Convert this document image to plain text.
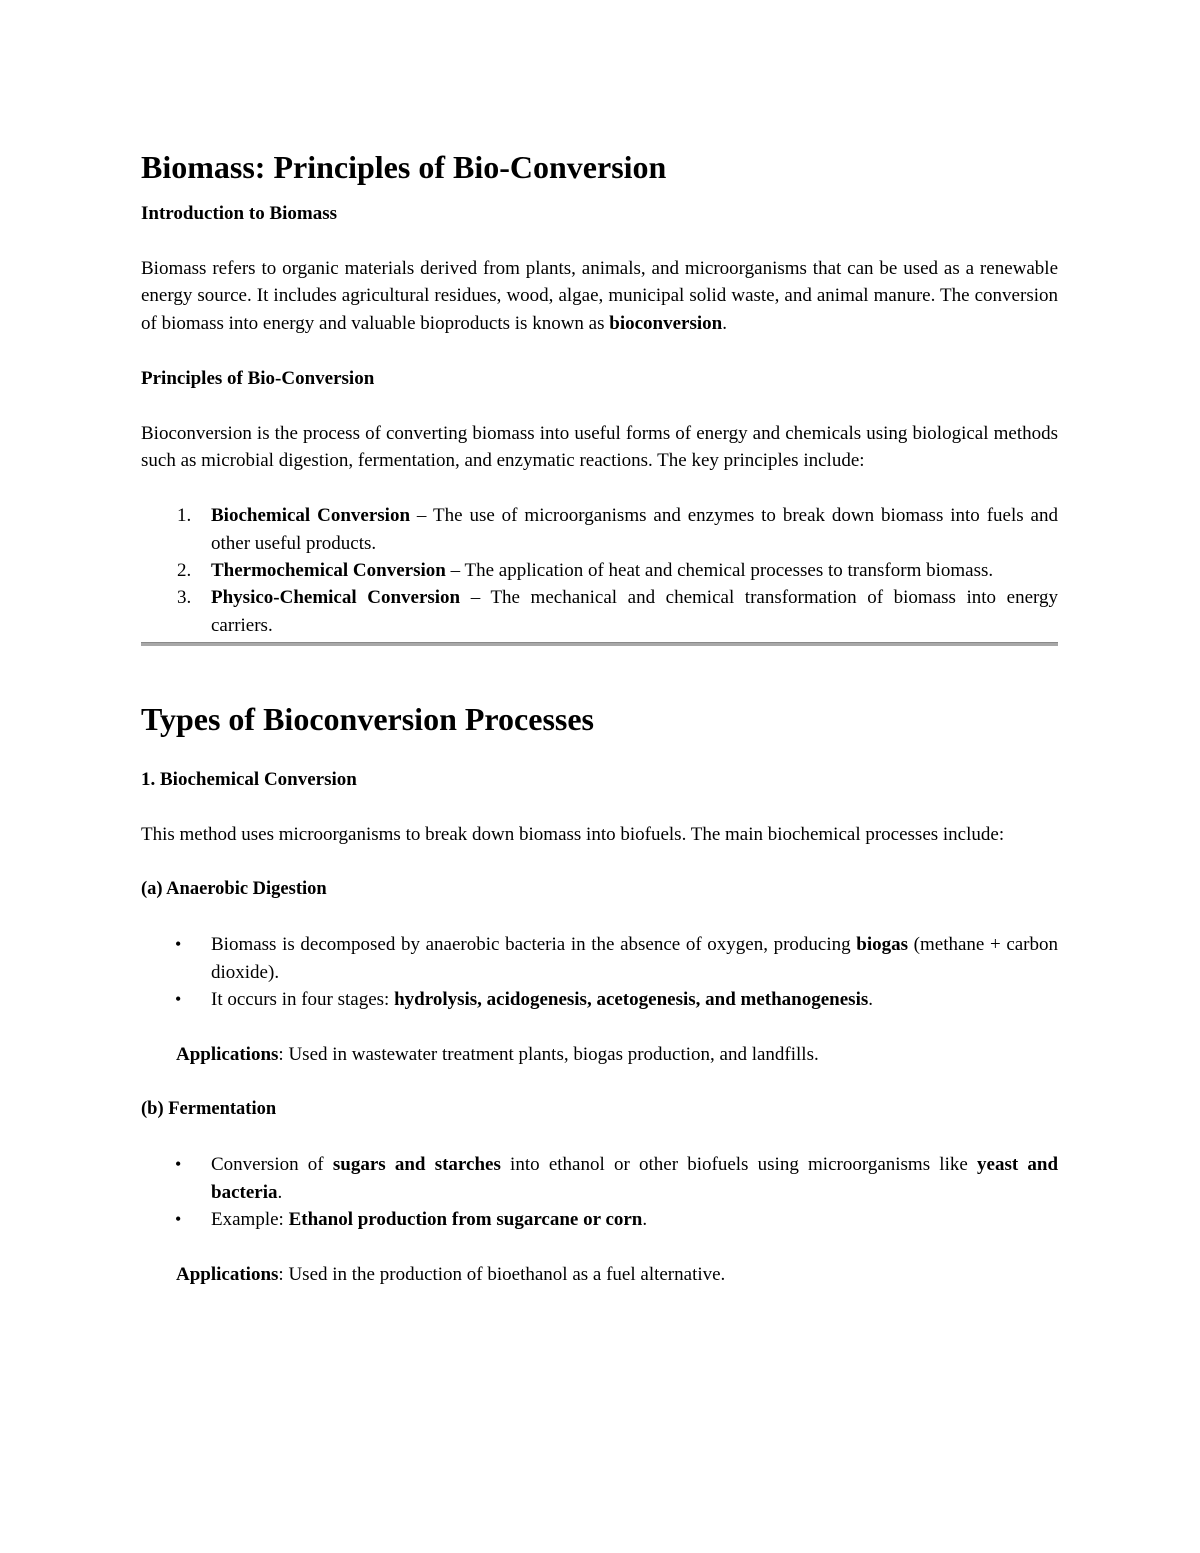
Biomass: Principles of Bio-Conversion
Introduction to Biomass

Biomass refers to organic materials derived from plants, animals, and microorganisms that can be used as a renewable energy source. It includes agricultural residues, wood, algae, municipal solid waste, and animal manure. The conversion of biomass into energy and valuable bioproducts is known as bioconversion.

Principles of Bio-Conversion

Bioconversion is the process of converting biomass into useful forms of energy and chemicals using biological methods such as microbial digestion, fermentation, and enzymatic reactions. The key principles include:

1. Biochemical Conversion – The use of microorganisms and enzymes to break down biomass into fuels and other useful products.
2. Thermochemical Conversion – The application of heat and chemical processes to transform biomass.
3. Physico-Chemical Conversion – The mechanical and chemical transformation of biomass into energy carriers.
Types of Bioconversion Processes
1. Biochemical Conversion

This method uses microorganisms to break down biomass into biofuels. The main biochemical processes include:

(a) Anaerobic Digestion
• Biomass is decomposed by anaerobic bacteria in the absence of oxygen, producing biogas (methane + carbon dioxide).
• It occurs in four stages: hydrolysis, acidogenesis, acetogenesis, and methanogenesis.

Applications: Used in wastewater treatment plants, biogas production, and landfills.

(b) Fermentation
• Conversion of sugars and starches into ethanol or other biofuels using microorganisms like yeast and bacteria.
• Example: Ethanol production from sugarcane or corn.

Applications: Used in the production of bioethanol as a fuel alternative.
